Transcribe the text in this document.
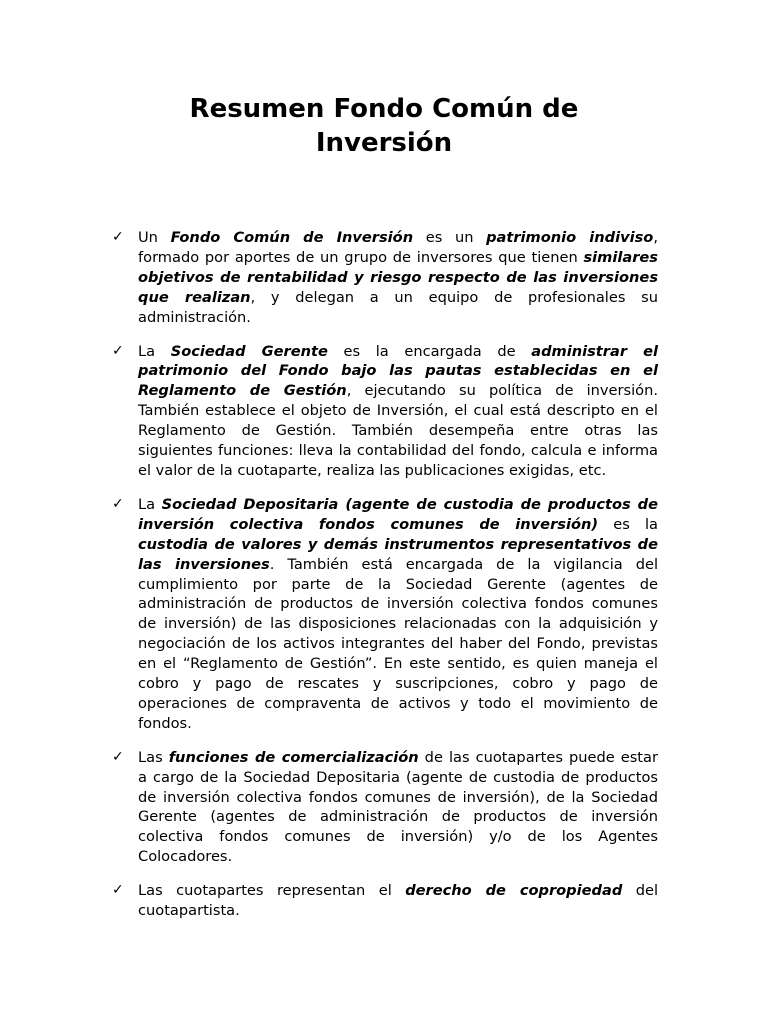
Resumen Fondo Común de
Inversión
✓ Un Fondo Común de Inversión es un patrimonio indiviso, formado por aportes de un grupo de inversores que tienen similares objetivos de rentabilidad y riesgo respecto de las inversiones que realizan, y delegan a un equipo de profesionales su administración.
✓ La Sociedad Gerente es la encargada de administrar el patrimonio del Fondo bajo las pautas establecidas en el Reglamento de Gestión, ejecutando su política de inversión. También establece el objeto de Inversión, el cual está descripto en el Reglamento de Gestión. También desempeña entre otras las siguientes funciones: lleva la contabilidad del fondo, calcula e informa el valor de la cuotaparte, realiza las publicaciones exigidas, etc.
✓ La Sociedad Depositaria (agente de custodia de productos de inversión colectiva fondos comunes de inversión) es la custodia de valores y demás instrumentos representativos de las inversiones. También está encargada de la vigilancia del cumplimiento por parte de la Sociedad Gerente (agentes de administración de productos de inversión colectiva fondos comunes de inversión) de las disposiciones relacionadas con la adquisición y negociación de los activos integrantes del haber del Fondo, previstas en el “Reglamento de Gestión”. En este sentido, es quien maneja el cobro y pago de rescates y suscripciones, cobro y pago de operaciones de compraventa de activos y todo el movimiento de fondos.
✓ Las funciones de comercialización de las cuotapartes puede estar a cargo de la Sociedad Depositaria (agente de custodia de productos de inversión colectiva fondos comunes de inversión), de la Sociedad Gerente (agentes de administración de productos de inversión colectiva fondos comunes de inversión) y/o de los Agentes Colocadores.
✓ Las cuotapartes representan el derecho de copropiedad del cuotapartista.
